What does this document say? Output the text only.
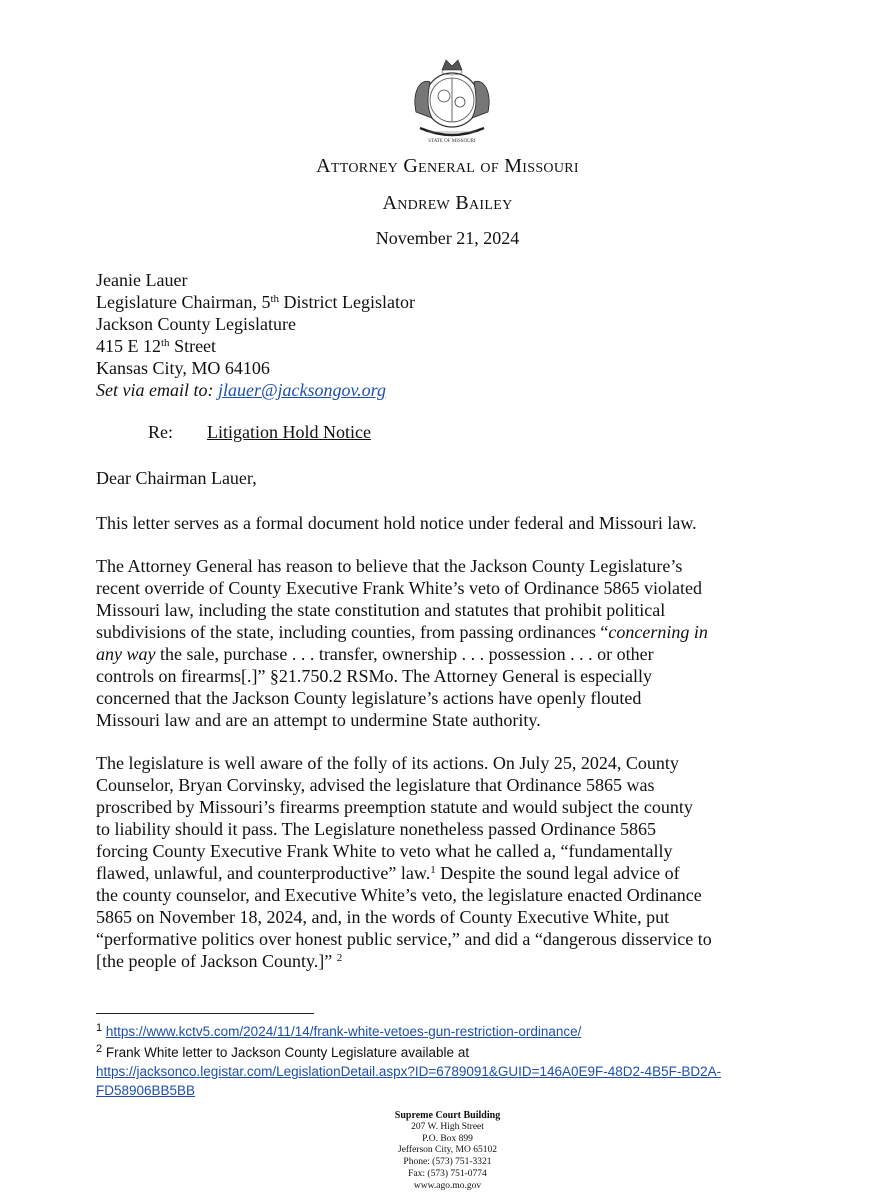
STATE OF MISSOURI
Attorney General of Missouri
Andrew Bailey
November 21, 2024
Jeanie Lauer
Legislature Chairman, 5th District Legislator
Jackson County Legislature
415 E 12th Street
Kansas City, MO 64106
Set via email to: jlauer@jacksongov.org
Re: Litigation Hold Notice
Dear Chairman Lauer,
This letter serves as a formal document hold notice under federal and Missouri law.
The Attorney General has reason to believe that the Jackson County Legislature’s
recent override of County Executive Frank White’s veto of Ordinance 5865 violated
Missouri law, including the state constitution and statutes that prohibit political
subdivisions of the state, including counties, from passing ordinances “concerning in
any way the sale, purchase . . . transfer, ownership . . . possession . . . or other
controls on firearms[.]” §21.750.2 RSMo. The Attorney General is especially
concerned that the Jackson County legislature’s actions have openly flouted
Missouri law and are an attempt to undermine State authority.
The legislature is well aware of the folly of its actions. On July 25, 2024, County
Counselor, Bryan Corvinsky, advised the legislature that Ordinance 5865 was
proscribed by Missouri’s firearms preemption statute and would subject the county
to liability should it pass. The Legislature nonetheless passed Ordinance 5865
forcing County Executive Frank White to veto what he called a, “fundamentally
flawed, unlawful, and counterproductive” law.$^1$ Despite the sound legal advice of
the county counselor, and Executive White’s veto, the legislature enacted Ordinance
5865 on November 18, 2024, and, in the words of County Executive White, put
“performative politics over honest public service,” and did a “dangerous disservice to
[the people of Jackson County.]” $^2$
$^1$ https://www.kctv5.com/2024/11/14/frank-white-vetoes-gun-restriction-ordinance/
$^2$ Frank White letter to Jackson County Legislature available at
https://jacksonco.legistar.com/LegislationDetail.aspx?ID=6789091&GUID=146A0E9F-48D2-4B5F-BD2A-
FD58906BB5BB
Supreme Court Building
207 W. High Street
P.O. Box 899
Jefferson City, MO 65102
Phone: (573) 751-3321
Fax: (573) 751-0774
www.ago.mo.gov
